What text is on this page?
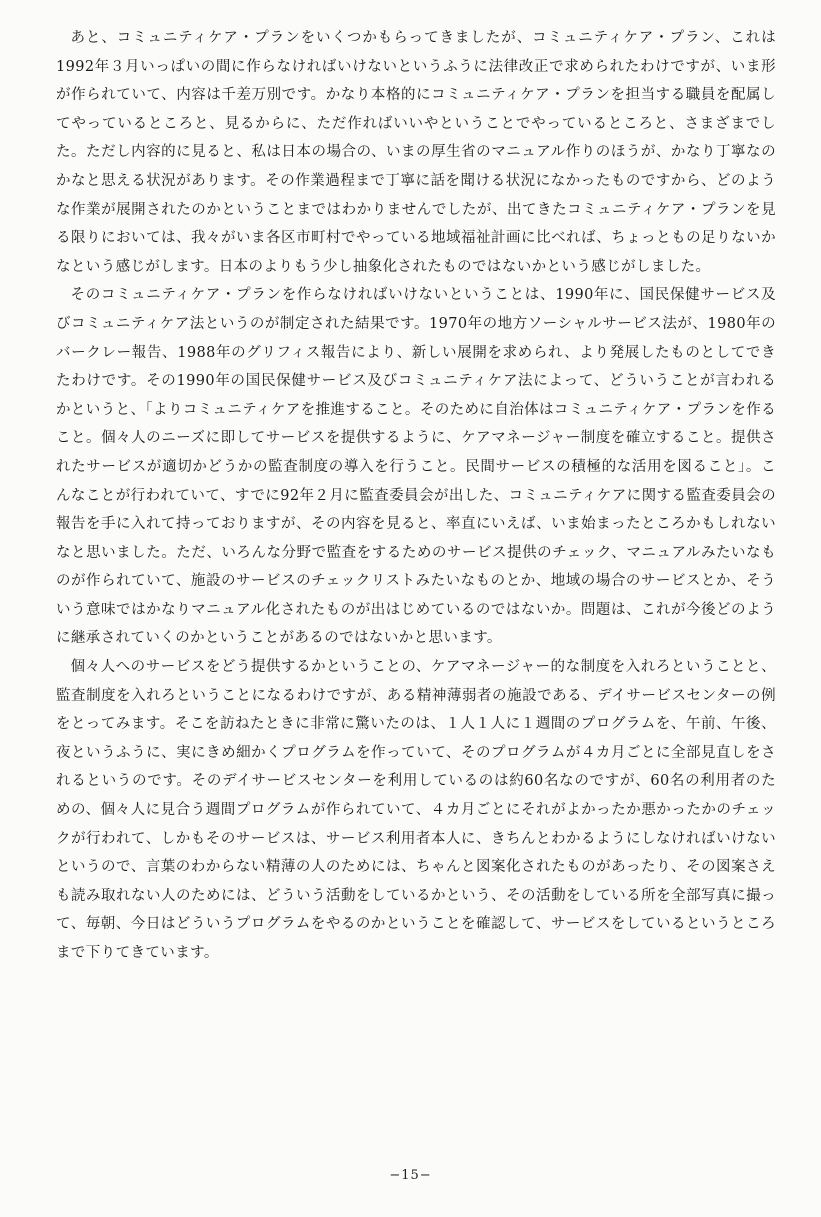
あと、コミュニティケア・プランをいくつかもらってきましたが、コミュニティケア・プラン、これは1992年３月いっぱいの間に作らなければいけないというふうに法律改正で求められたわけですが、いま形が作られていて、内容は千差万別です。かなり本格的にコミュニティケア・プランを担当する職員を配属してやっているところと、見るからに、ただ作ればいいやということでやっているところと、さまざまでした。ただし内容的に見ると、私は日本の場合の、いまの厚生省のマニュアル作りのほうが、かなり丁寧なのかなと思える状況があります。その作業過程まで丁寧に話を聞ける状況になかったものですから、どのような作業が展開されたのかということまではわかりませんでしたが、出てきたコミュニティケア・プランを見る限りにおいては、我々がいま各区市町村でやっている地域福祉計画に比べれば、ちょっともの足りないかなという感じがします。日本のよりもう少し抽象化されたものではないかという感じがしました。

そのコミュニティケア・プランを作らなければいけないということは、1990年に、国民保健サービス及びコミュニティケア法というのが制定された結果です。1970年の地方ソーシャルサービス法が、1980年のバークレー報告、1988年のグリフィス報告により、新しい展開を求められ、より発展したものとしてできたわけです。その1990年の国民保健サービス及びコミュニティケア法によって、どういうことが言われるかというと、「よりコミュニティケアを推進すること。そのために自治体はコミュニティケア・プランを作ること。個々人のニーズに即してサービスを提供するように、ケアマネージャー制度を確立すること。提供されたサービスが適切かどうかの監査制度の導入を行うこと。民間サービスの積極的な活用を図ること」。こんなことが行われていて、すでに92年２月に監査委員会が出した、コミュニティケアに関する監査委員会の報告を手に入れて持っておりますが、その内容を見ると、率直にいえば、いま始まったところかもしれないなと思いました。ただ、いろんな分野で監査をするためのサービス提供のチェック、マニュアルみたいなものが作られていて、施設のサービスのチェックリストみたいなものとか、地域の場合のサービスとか、そういう意味ではかなりマニュアル化されたものが出はじめているのではないか。問題は、これが今後どのように継承されていくのかということがあるのではないかと思います。

個々人へのサービスをどう提供するかということの、ケアマネージャー的な制度を入れろということと、監査制度を入れろということになるわけですが、ある精神薄弱者の施設である、デイサービスセンターの例をとってみます。そこを訪ねたときに非常に驚いたのは、１人１人に１週間のプログラムを、午前、午後、夜というふうに、実にきめ細かくプログラムを作っていて、そのプログラムが４カ月ごとに全部見直しをされるというのです。そのデイサービスセンターを利用しているのは約60名なのですが、60名の利用者のための、個々人に見合う週間プログラムが作られていて、４カ月ごとにそれがよかったか悪かったかのチェックが行われて、しかもそのサービスは、サービス利用者本人に、きちんとわかるようにしなければいけないというので、言葉のわからない精薄の人のためには、ちゃんと図案化されたものがあったり、その図案さえも読み取れない人のためには、どういう活動をしているかという、その活動をしている所を全部写真に撮って、毎朝、今日はどういうプログラムをやるのかということを確認して、サービスをしているというところまで下りてきています。

−15−
